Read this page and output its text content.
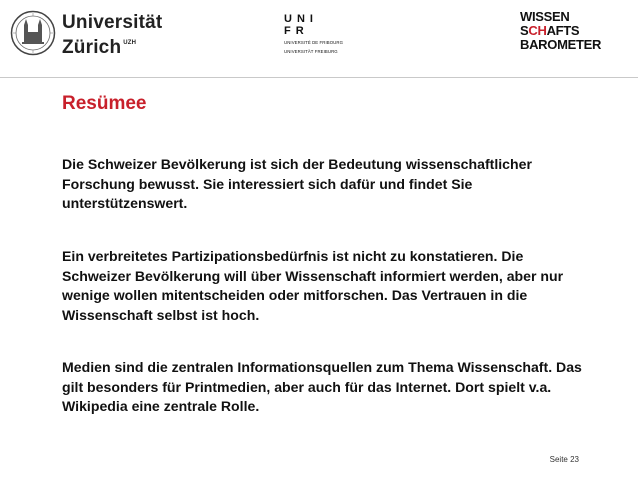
Universität
Zürich $^{UZH}$
UNI
FR
UNIVERSITÉ DE FRIBOURG
UNIVERSITÄT FREIBURG
WISSEN
SCHAFTS
BAROMETER
Resümee
Die Schweizer Bevölkerung ist sich der Bedeutung wissenschaftlicher Forschung bewusst. Sie interessiert sich dafür und findet Sie unterstützenswert.
Ein verbreitetes Partizipationsbedürfnis ist nicht zu konstatieren. Die Schweizer Bevölkerung will über Wissenschaft informiert werden, aber nur wenige wollen mitentscheiden oder mitforschen. Das Vertrauen in die Wissenschaft selbst ist hoch.
Medien sind die zentralen Informationsquellen zum Thema Wissenschaft. Das gilt besonders für Printmedien, aber auch für das Internet. Dort spielt v.a. Wikipedia eine zentrale Rolle.
Seite 23
